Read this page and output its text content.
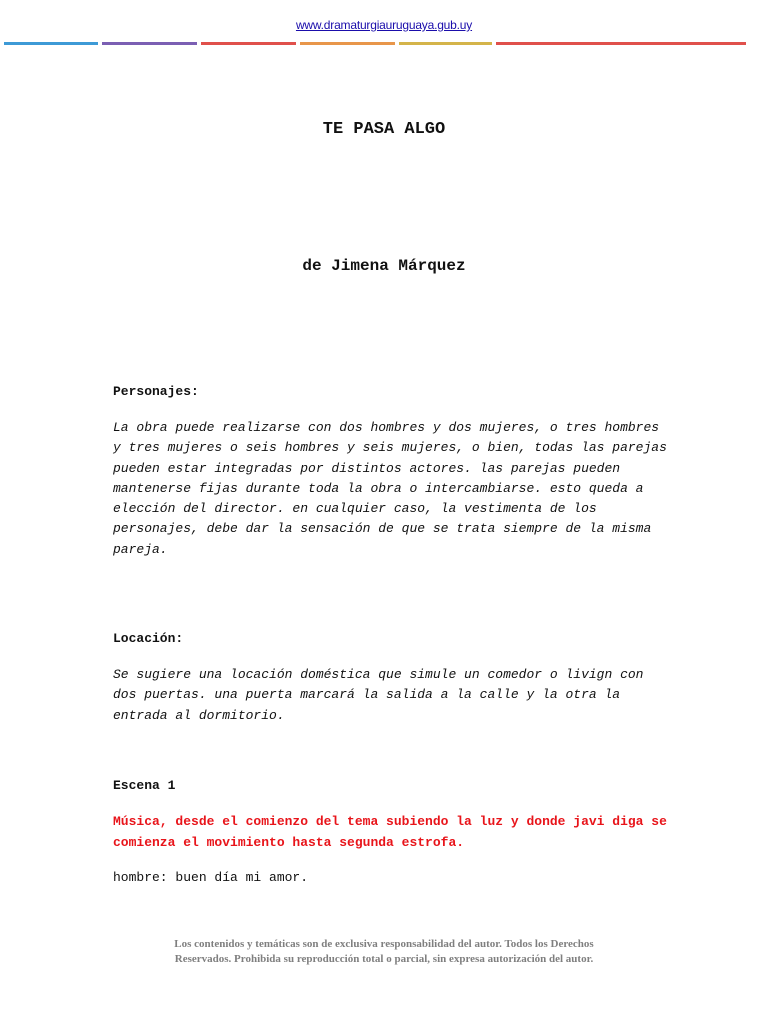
www.dramaturgiauruguaya.gub.uy
TE PASA ALGO
de Jimena Márquez
Personajes:

La obra puede realizarse con dos hombres y dos mujeres, o tres hombres y tres mujeres o seis hombres y seis mujeres, o bien, todas las parejas pueden estar integradas por distintos actores. las parejas pueden mantenerse fijas durante toda la obra o intercambiarse. esto queda a elección del director. en cualquier caso, la vestimenta de los personajes, debe dar la sensación de que se trata siempre de la misma pareja.

Locación:

Se sugiere una locación doméstica que simule un comedor o livign con dos puertas. una puerta marcará la salida a la calle y la otra la entrada al dormitorio.

Escena 1

Música, desde el comienzo del tema subiendo la luz y donde javi diga se comienza el movimiento hasta segunda estrofa.

hombre: buen día mi amor.
Los contenidos y temáticas son de exclusiva responsabilidad del autor. Todos los Derechos
Reservados. Prohibida su reproducción total o parcial, sin expresa autorización del autor.
